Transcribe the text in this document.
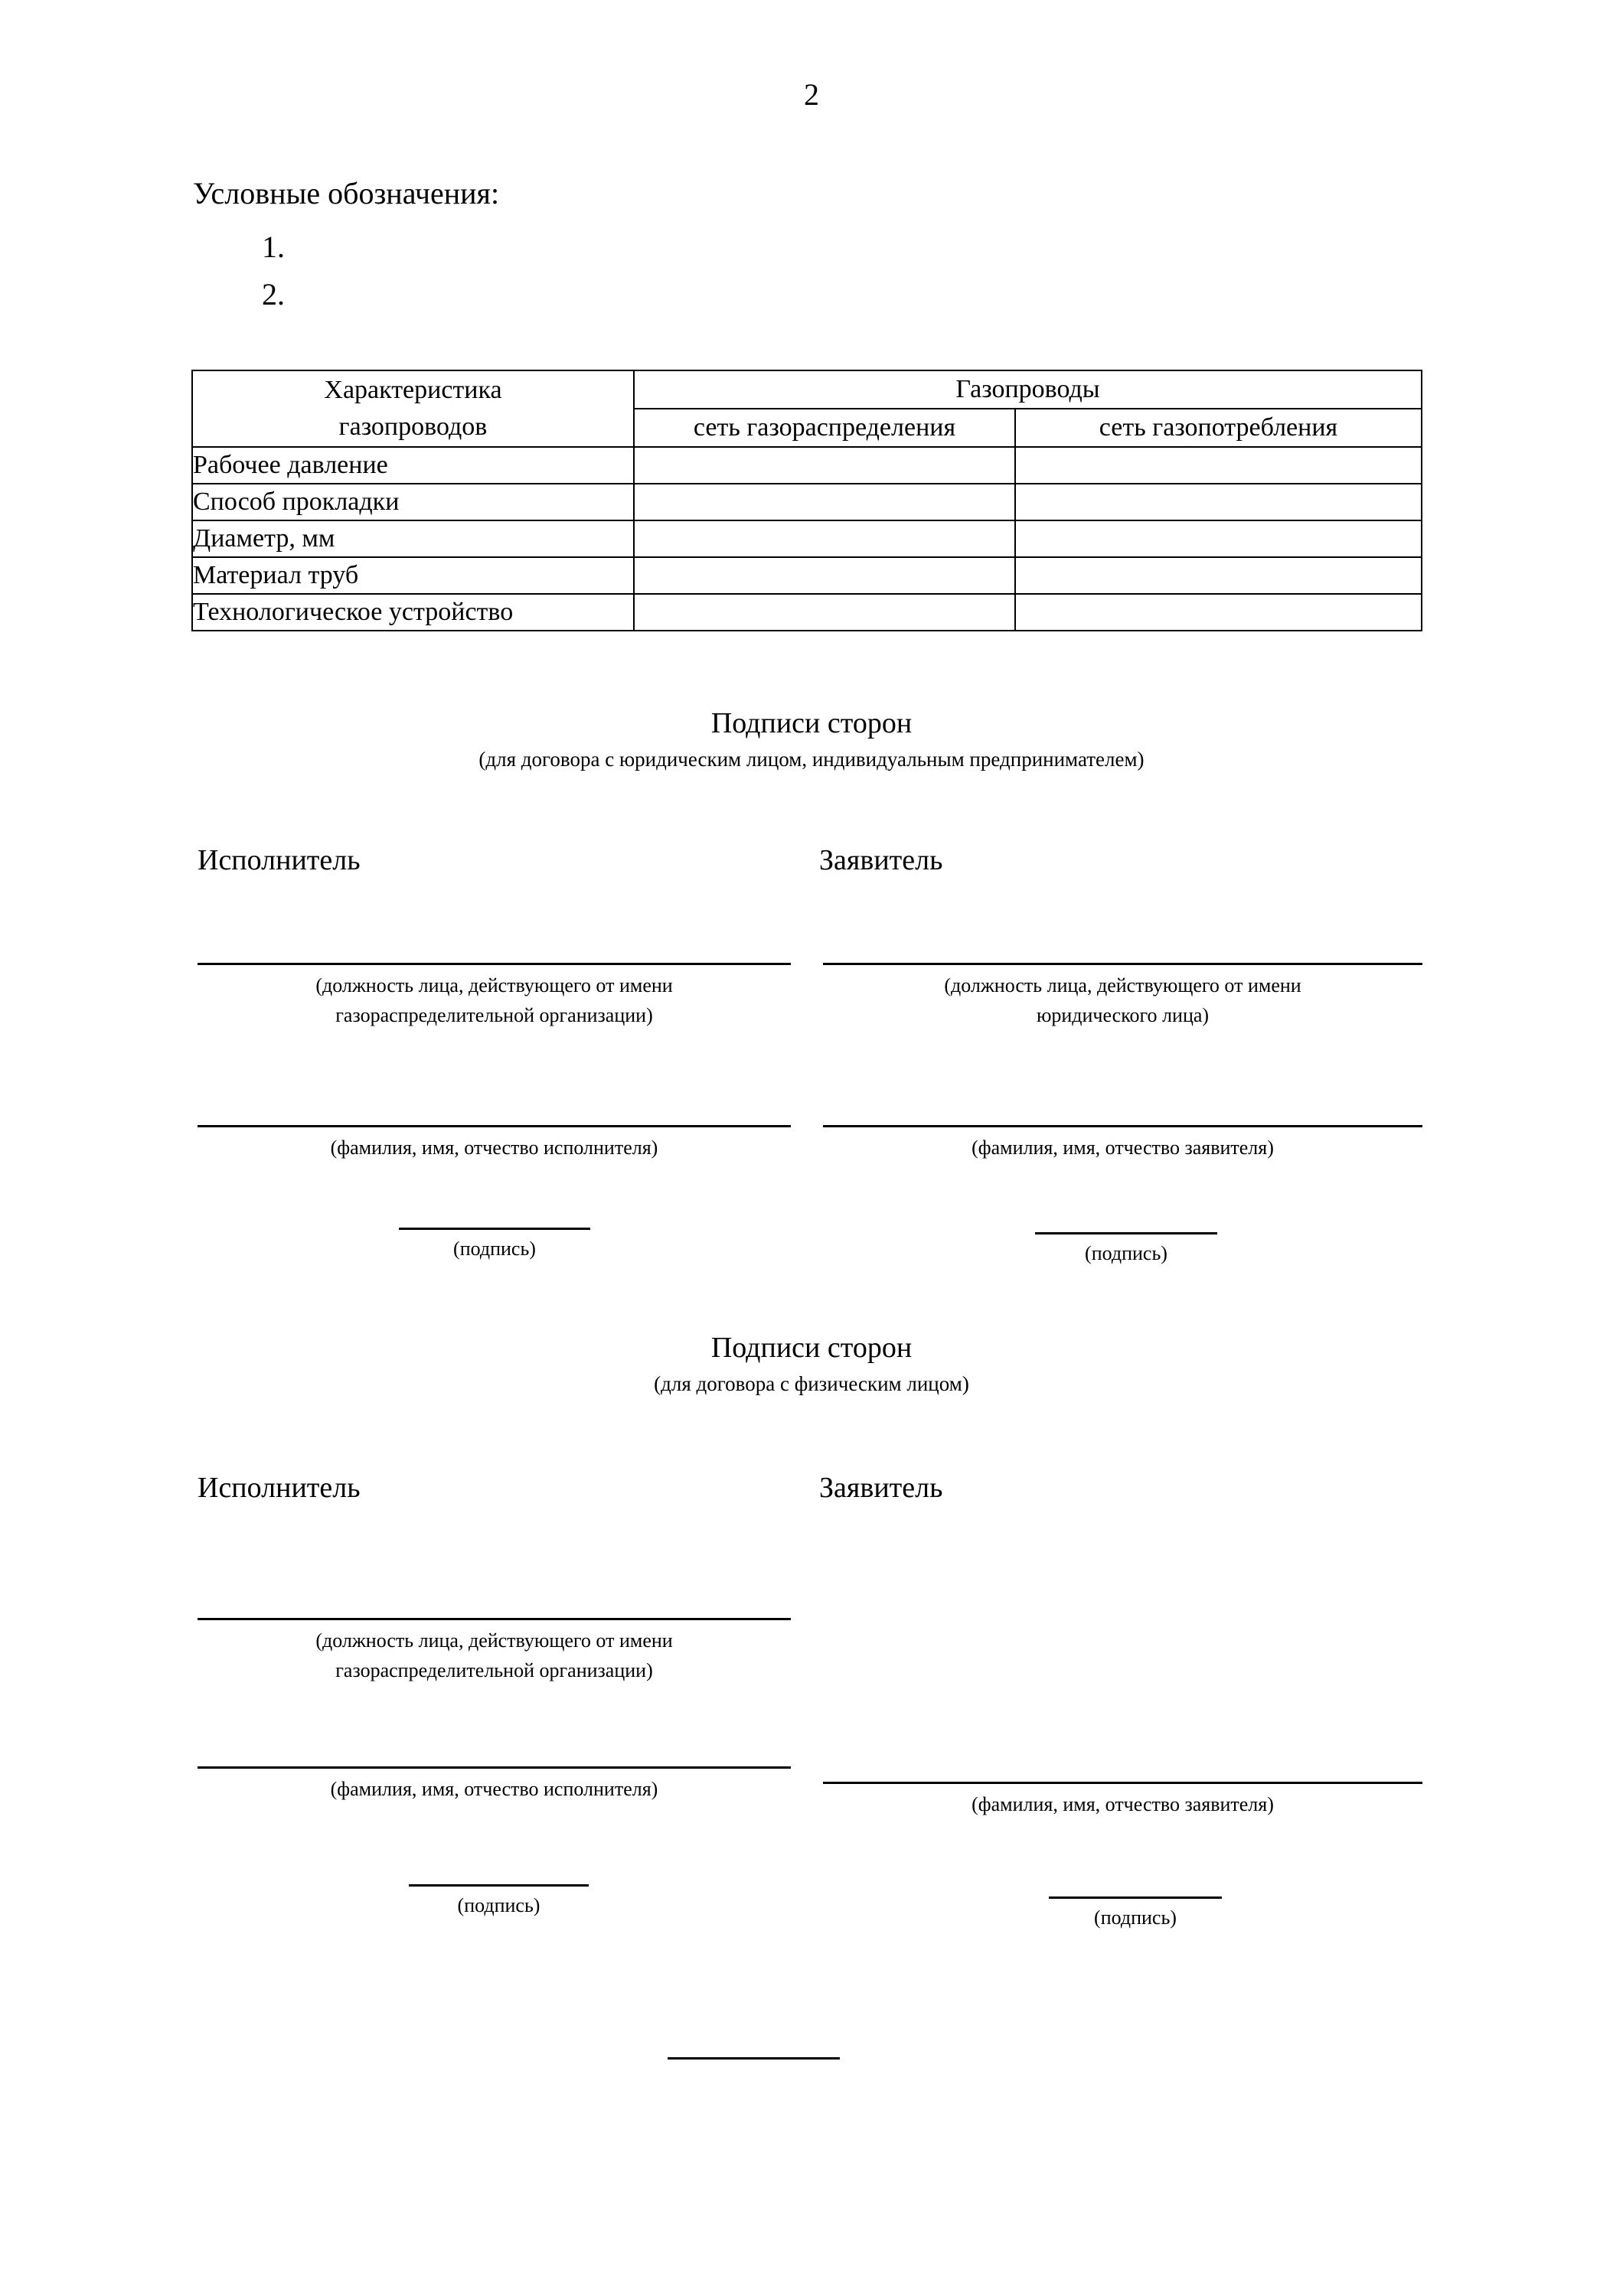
2
Условные обозначения:
1.
2.
Характеристика
газопроводов	Газопроводы	
	сеть газораспределения	сеть газопотребления
Рабочее давление		
Способ прокладки		
Диаметр, мм		
Материал труб		
Технологическое устройство		
Подписи сторон
(для договора с юридическим лицом, индивидуальным предпринимателем)
Исполнитель	Заявитель
(должность лица, действующего от имени
газораспределительной организации)
(должность лица, действующего от имени
юридического лица)
(фамилия, имя, отчество исполнителя)	(фамилия, имя, отчество заявителя)
(подпись)	(подпись)
Подписи сторон
(для договора с физическим лицом)
Исполнитель	Заявитель
(должность лица, действующего от имени
газораспределительной организации)
(фамилия, имя, отчество исполнителя)
(фамилия, имя, отчество заявителя)
(подпись)
(подпись)
